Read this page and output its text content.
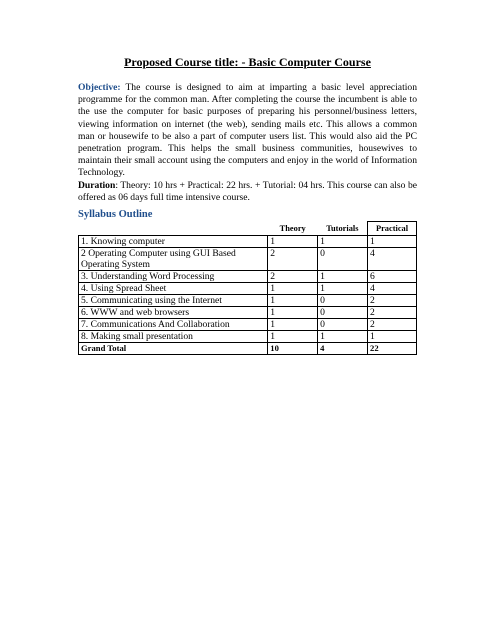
Proposed Course title: - Basic Computer Course
Objective: The course is designed to aim at imparting a basic level appreciation programme for the common man. After completing the course the incumbent is able to the use the computer for basic purposes of preparing his personnel/business letters, viewing information on internet (the web), sending mails etc. This allows a common man or housewife to be also a part of computer users list. This would also aid the PC penetration program. This helps the small business communities, housewives to maintain their small account using the computers and enjoy in the world of Information Technology.
Duration: Theory: 10 hrs + Practical: 22 hrs. + Tutorial: 04 hrs. This course can also be offered as 06 days full time intensive course.
Syllabus Outline
	Theory	Tutorials	Practical
1. Knowing computer	1	1	1
2 Operating Computer using GUI Based Operating System	2	0	4
3. Understanding Word Processing	2	1	6
4. Using Spread Sheet	1	1	4
5. Communicating using the Internet	1	0	2
6. WWW and web browsers	1	0	2
7. Communications And Collaboration	1	0	2
8. Making small presentation	1	1	1
Grand Total	10	4	22
